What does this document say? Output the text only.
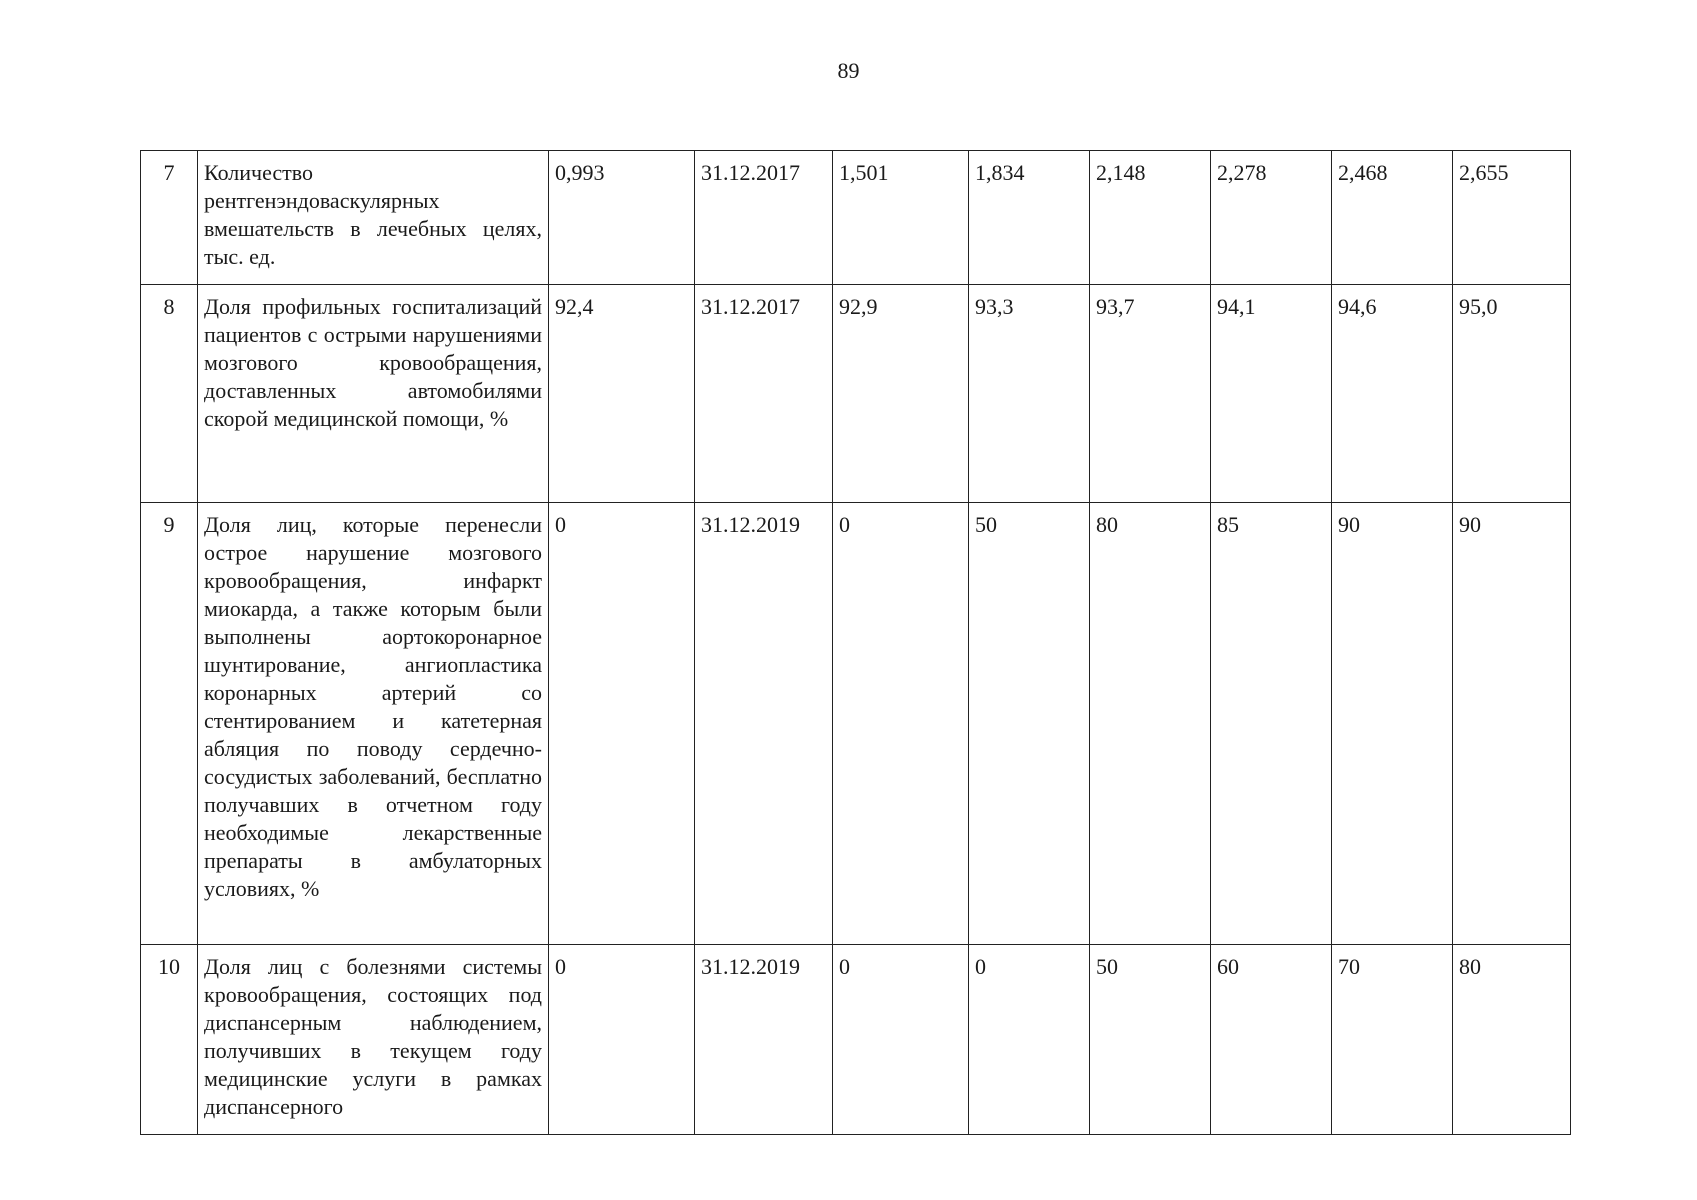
89
7	Количество рентгенэндоваскулярных вмешательств в лечебных целях, тыс. ед.	0,993	31.12.2017	1,501	1,834	2,148	2,278	2,468	2,655
8	Доля профильных госпитализаций пациентов с острыми нарушениями мозгового кровообращения, доставленных автомобилями скорой медицинской помощи, %	92,4	31.12.2017	92,9	93,3	93,7	94,1	94,6	95,0
9	Доля лиц, которые перенесли острое нарушение мозгового кровообращения, инфаркт миокарда, а также которым были выполнены аортокоронарное шунтирование, ангиопластика коронарных артерий со стентированием и катетерная абляция по поводу сердечно-сосудистых заболеваний, бесплатно получавших в отчетном году необходимые лекарственные препараты в амбулаторных условиях, %	0	31.12.2019	0	50	80	85	90	90
10	Доля лиц с болезнями системы кровообращения, состоящих под диспансерным наблюдением, получивших в текущем году медицинские услуги в рамках диспансерного	0	31.12.2019	0	0	50	60	70	80
